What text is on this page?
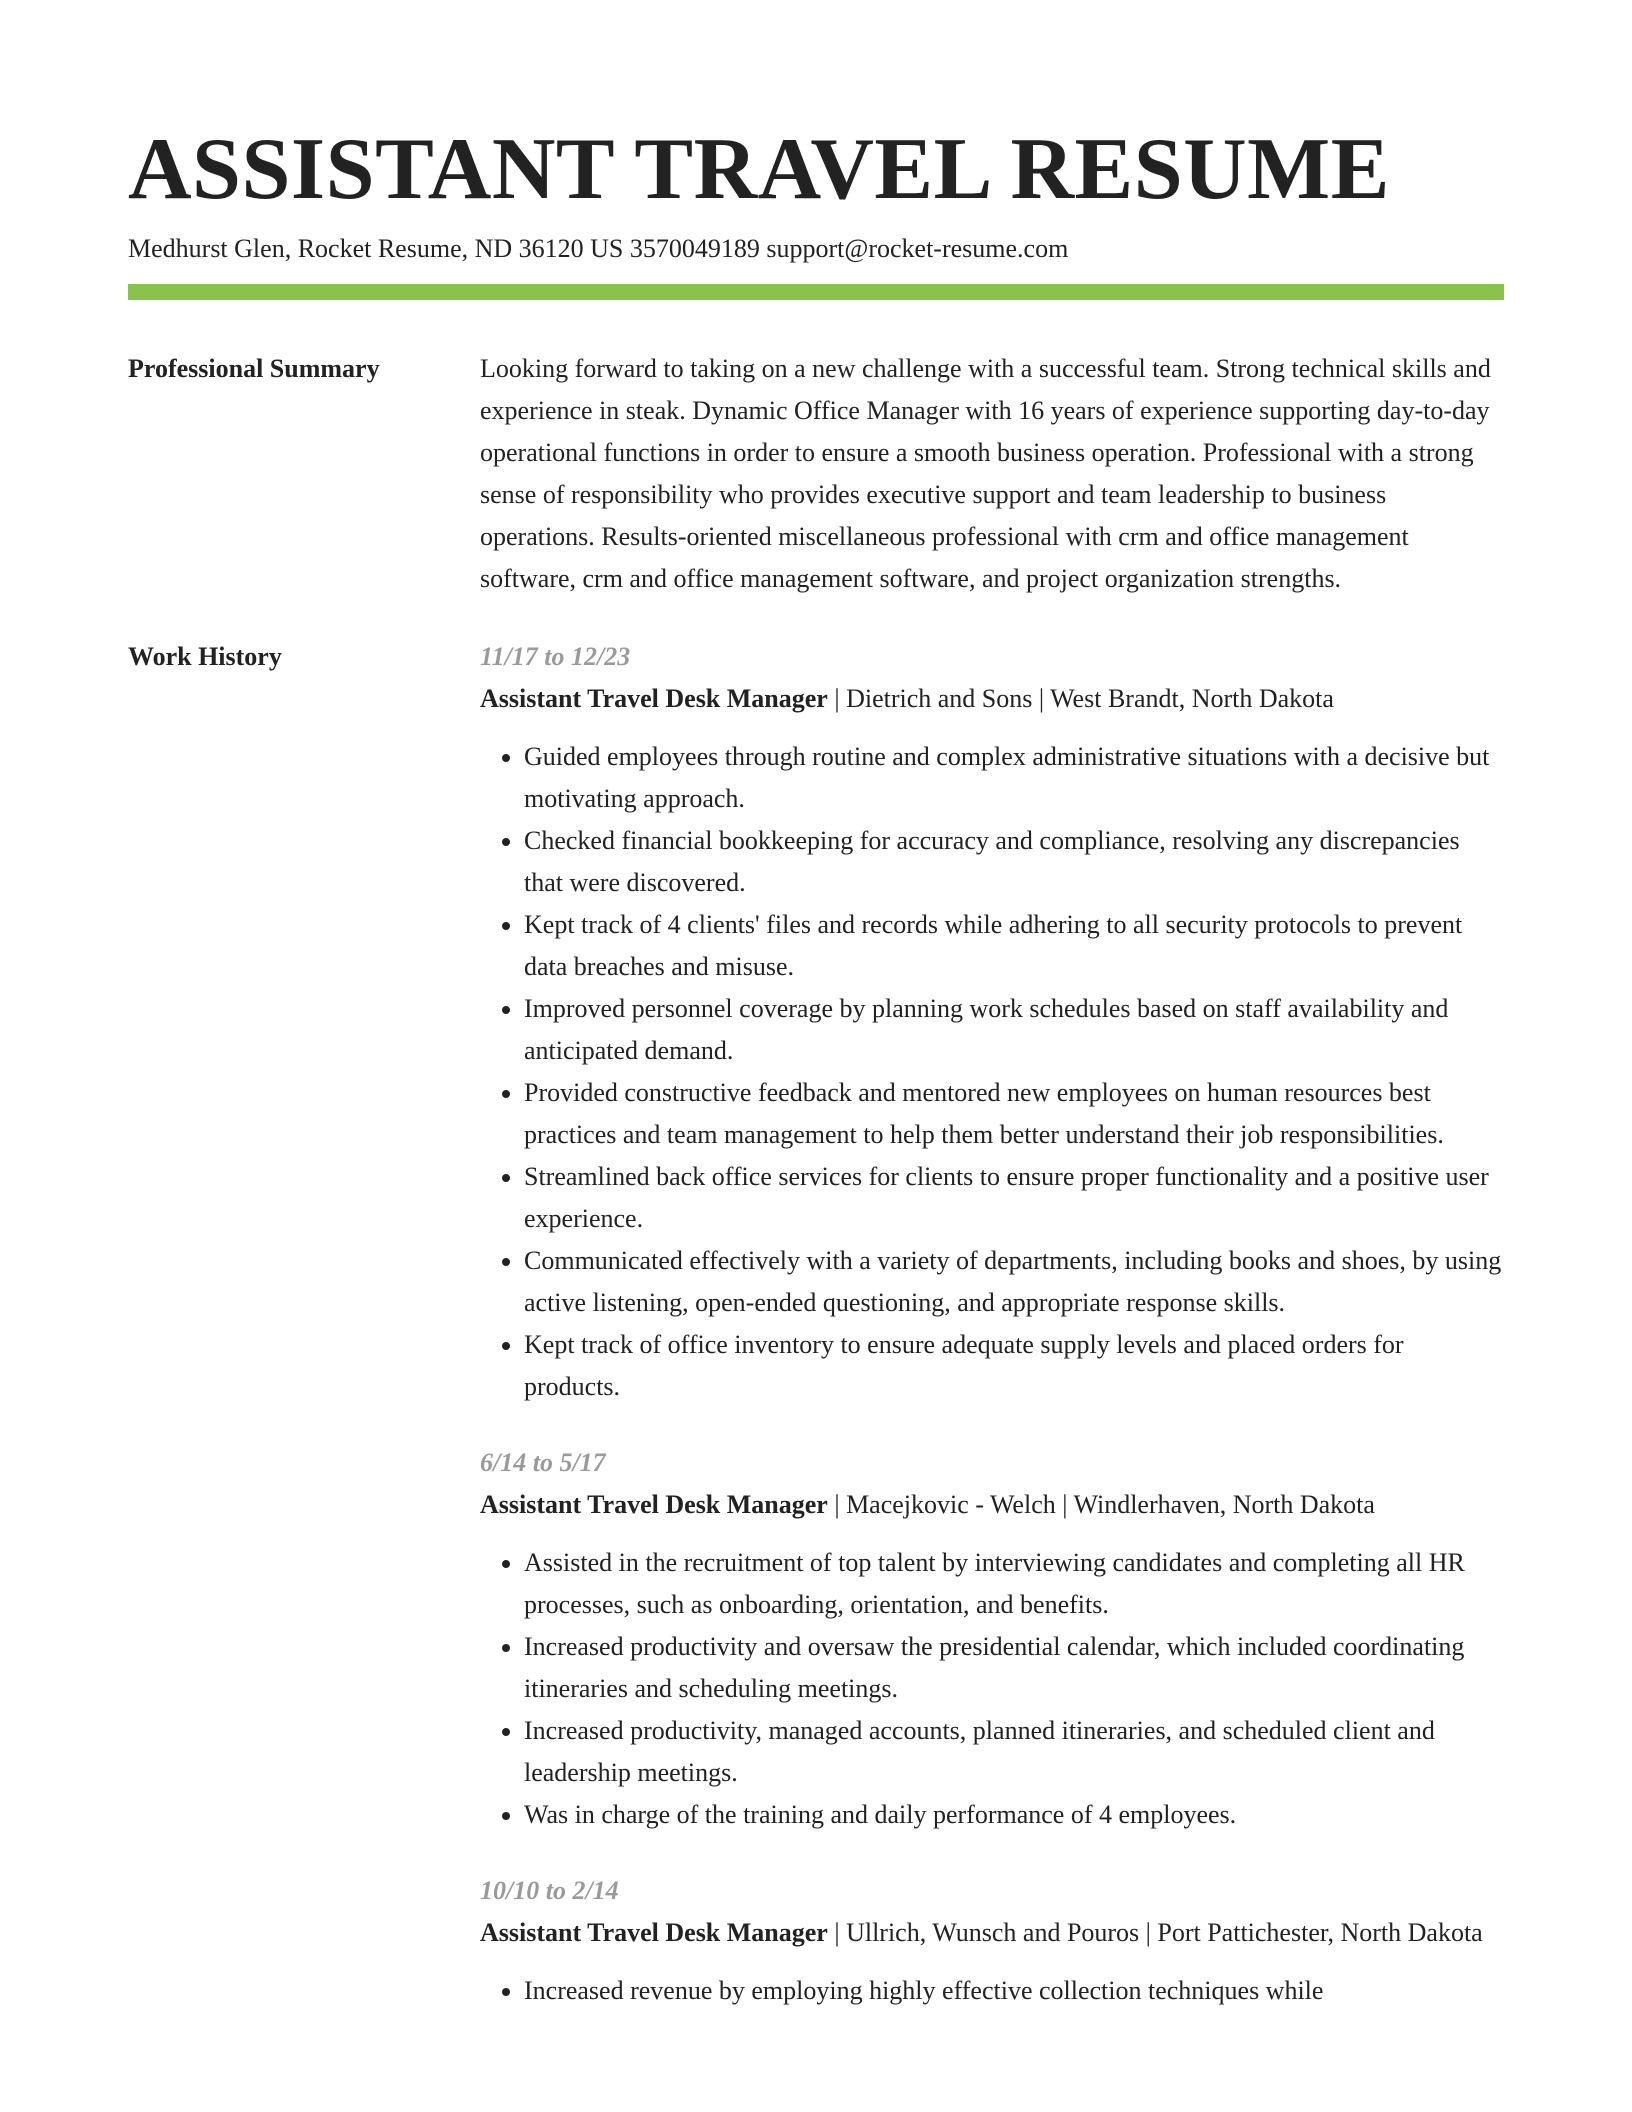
ASSISTANT TRAVEL RESUME
Medhurst Glen, Rocket Resume, ND 36120 US 3570049189 support@rocket-resume.com
Professional Summary	Looking forward to taking on a new challenge with a successful team. Strong technical skills and experience in steak. Dynamic Office Manager with 16 years of experience supporting day-to-day operational functions in order to ensure a smooth business operation. Professional with a strong sense of responsibility who provides executive support and team leadership to business operations. Results-oriented miscellaneous professional with crm and office management software, crm and office management software, and project organization strengths.

Work History	11/17 to 12/23
Assistant Travel Desk Manager | Dietrich and Sons | West Brandt, North Dakota
• Guided employees through routine and complex administrative situations with a decisive but motivating approach.
• Checked financial bookkeeping for accuracy and compliance, resolving any discrepancies that were discovered.
• Kept track of 4 clients' files and records while adhering to all security protocols to prevent data breaches and misuse.
• Improved personnel coverage by planning work schedules based on staff availability and anticipated demand.
• Provided constructive feedback and mentored new employees on human resources best practices and team management to help them better understand their job responsibilities.
• Streamlined back office services for clients to ensure proper functionality and a positive user experience.
• Communicated effectively with a variety of departments, including books and shoes, by using active listening, open-ended questioning, and appropriate response skills.
• Kept track of office inventory to ensure adequate supply levels and placed orders for products.
6/14 to 5/17
Assistant Travel Desk Manager | Macejkovic - Welch | Windlerhaven, North Dakota
• Assisted in the recruitment of top talent by interviewing candidates and completing all HR processes, such as onboarding, orientation, and benefits.
• Increased productivity and oversaw the presidential calendar, which included coordinating itineraries and scheduling meetings.
• Increased productivity, managed accounts, planned itineraries, and scheduled client and leadership meetings.
• Was in charge of the training and daily performance of 4 employees.
10/10 to 2/14
Assistant Travel Desk Manager | Ullrich, Wunsch and Pouros | Port Pattichester, North Dakota
• Increased revenue by employing highly effective collection techniques while
